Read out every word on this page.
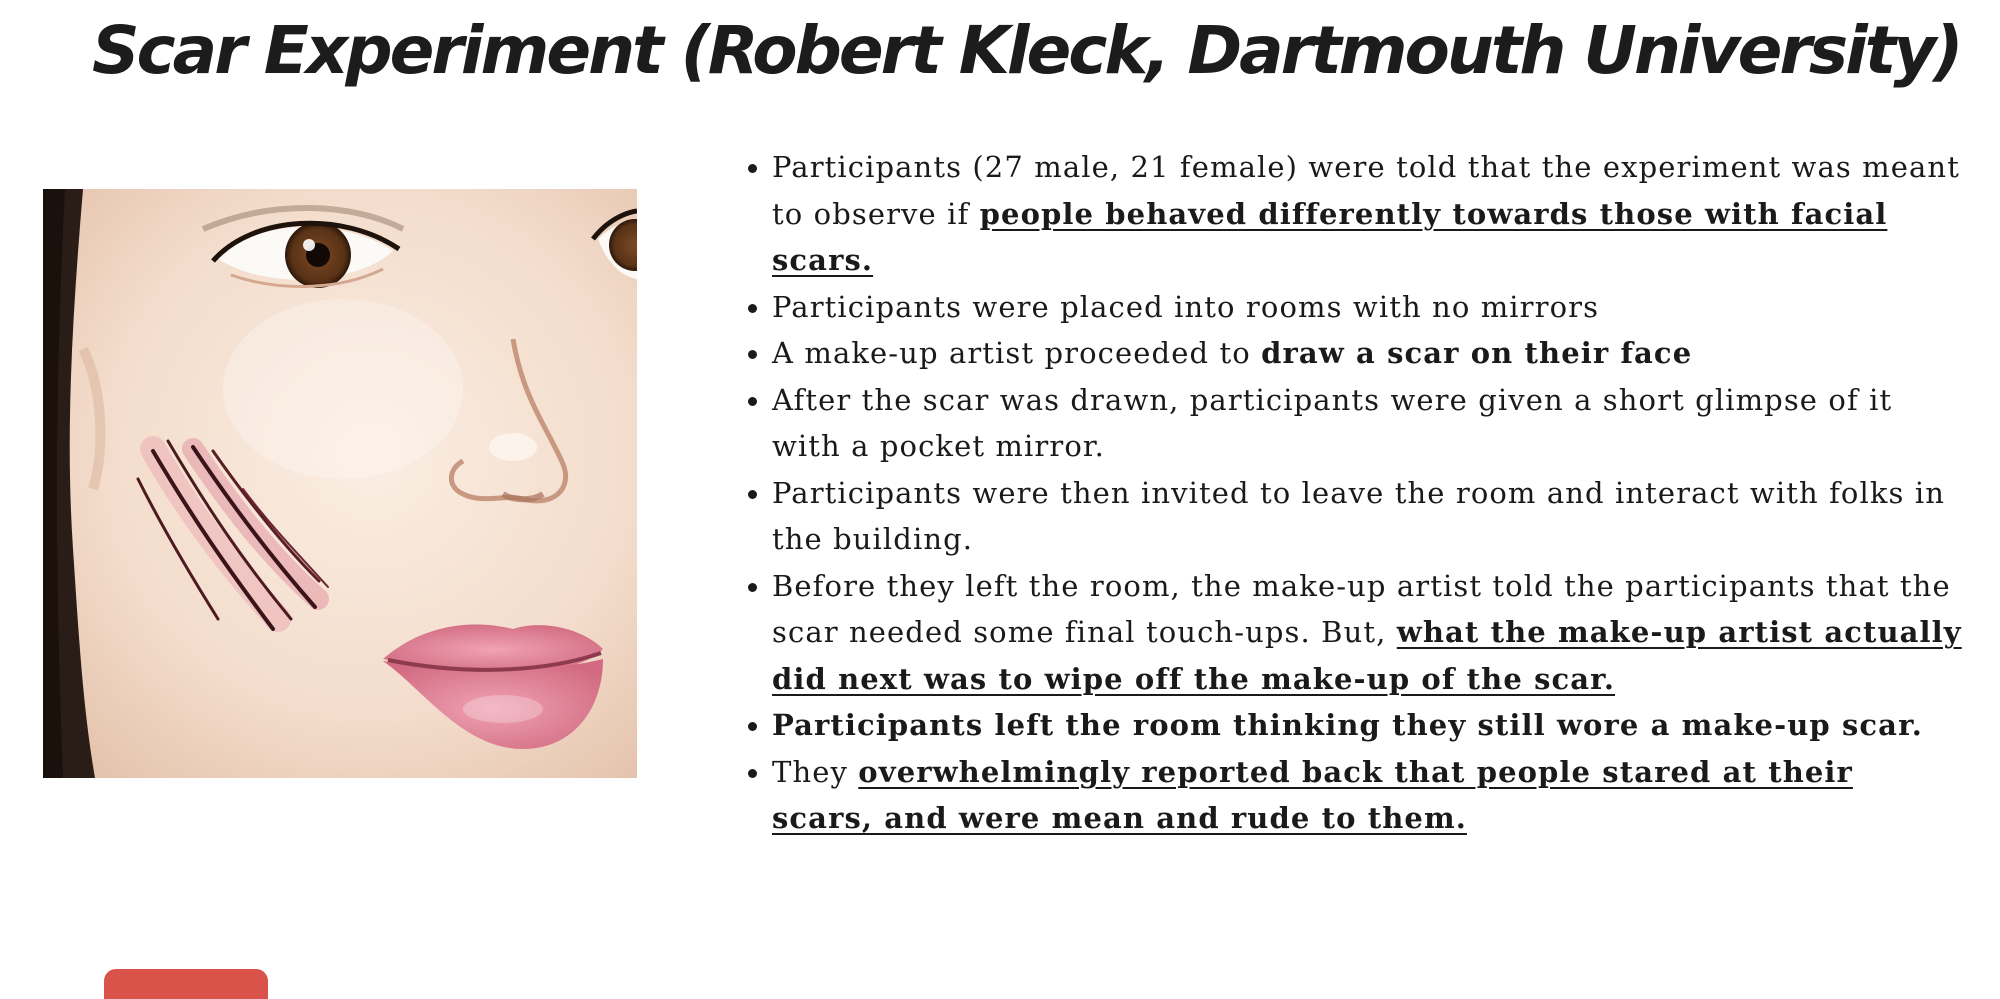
Scar Experiment (Robert Kleck, Dartmouth University)
Participants (27 male, 21 female) were told that the experiment was meant to observe if people behaved differently towards those with facial scars.
Participants were placed into rooms with no mirrors
A make-up artist proceeded to draw a scar on their face
After the scar was drawn, participants were given a short glimpse of it with a pocket mirror.
Participants were then invited to leave the room and interact with folks in the building.
Before they left the room, the make-up artist told the participants that the scar needed some final touch-ups. But, what the make-up artist actually did next was to wipe off the make-up of the scar.
Participants left the room thinking they still wore a make-up scar.
They overwhelmingly reported back that people stared at their scars, and were mean and rude to them.
